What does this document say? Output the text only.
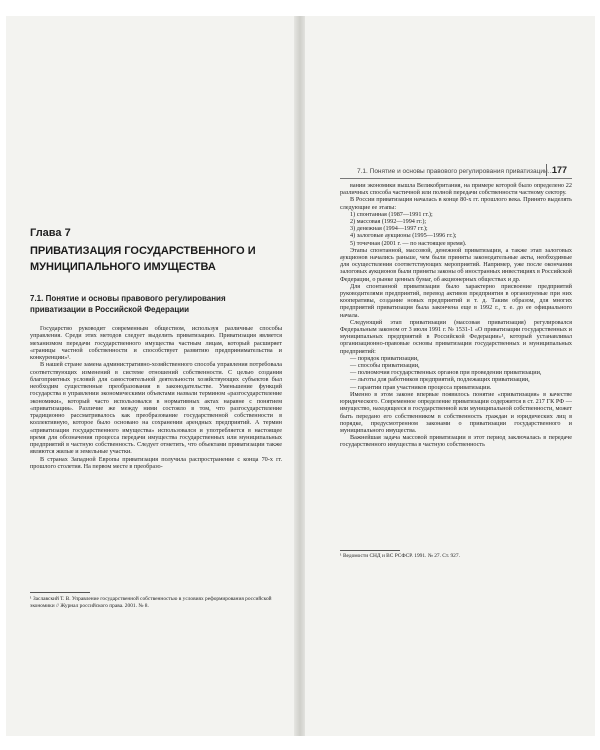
Глава 7
ПРИВАТИЗАЦИЯ ГОСУДАРСТВЕННОГО И МУНИЦИПАЛЬНОГО ИМУЩЕСТВА
7.1. Понятие и основы правового регулирования приватизации в Российской Федерации

Государство руководит современным обществом, используя различные способы управления. Среди этих методов следует выделить приватизацию. Приватизация является механизмом передачи государственного имущества частным лицам, который расширяет «границы частной собственности и способствует развитию предпринимательства и конкуренции»¹.

В нашей стране замена административно-хозяйственного способа управления потребовала соответствующих изменений в системе отношений собственности. С целью создания благоприятных условий для самостоятельной деятельности хозяйствующих субъектов был необходим существенные преобразования в законодательстве. Уменьшение функций государства в управлении экономическими объектами назвали термином «разгосударствление экономики», который часто использовался в нормативных актах наравне с понятием «приватизация». Различие же между ними состояло в том, что разгосударствление традиционно рассматривалось как преобразование государственной собственности в коллективную, которое было основано на сохранении арендных предприятий. А термин «приватизация государственного имущества» использовался и употребляется в настоящее время для обозначения процесса передачи имущества государственных или муниципальных предприятий в частную собственность. Следует отметить, что объектами приватизации также являются жилые и земельные участки.

В странах Западной Европы приватизация получила распространение с конца 70-х гг. прошлого столетия. На первом месте в преобразо-

¹ Заславский Т. В. Управление государственной собственностью в условиях реформирования российской экономики // Журнал российского права. 2001. № 8.
7.1. Понятие и основы правового регулирования приватизации...
177

вании экономики вышла Великобритания, на примере которой было определено 22 различных способа частичной или полной передачи собственности частному сектору.

В России приватизация началась в конце 80-х гг. прошлого века. Принято выделять следующие ее этапы:

1) спонтанная (1987—1991 гг.);

2) массовая (1992—1994 гг.);

3) денежная (1994—1997 гг.);

4) залоговые аукционы (1995—1996 гг.);

5) точечная (2001 г. — по настоящее время).

Этапы спонтанной, массовой, денежной приватизации, а также этап залоговых аукционов начались раньше, чем были приняты законодательные акты, необходимые для осуществления соответствующих мероприятий. Например, уже после окончания залоговых аукционов были приняты законы об иностранных инвестициях в Российской Федерации, о рынке ценных бумаг, об акционерных обществах и др.

Для спонтанной приватизации было характерно присвоение предприятий руководителями предприятий, перевод активов предприятия в организуемые при них кооперативы, создание новых предприятий и т. д. Таким образом, для многих предприятий приватизация была закончена еще в 1992 г., т. е. до ее официального начала.

Следующий этап приватизации (массовая приватизация) регулировался Федеральным законом от 3 июля 1991 г. № 1531-1 «О приватизации государственных и муниципальных предприятий в Российской Федерации»¹, который устанавливал организационно-правовые основы приватизации государственных и муниципальных предприятий:

— порядок приватизации,

— способы приватизации,

— полномочия государственных органов при проведении приватизации,

— льготы для работников предприятий, подлежащих приватизации,

— гарантии прав участников процесса приватизации.

Именно в этом законе впервые появилось понятие «приватизация» в качестве юридического. Современное определение приватизации содержится в ст. 217 ГК РФ — имущество, находящееся в государственной или муниципальной собственности, может быть передано его собственником в собственность граждан и юридических лиц в порядке, предусмотренном законами о приватизации государственного и муниципального имущества.

Важнейшая задача массовой приватизации в этот период заключалась в передаче государственного имущества в частную собственность

¹ Ведомости СНД и ВС РСФСР. 1991. № 27. Ст. 927.
